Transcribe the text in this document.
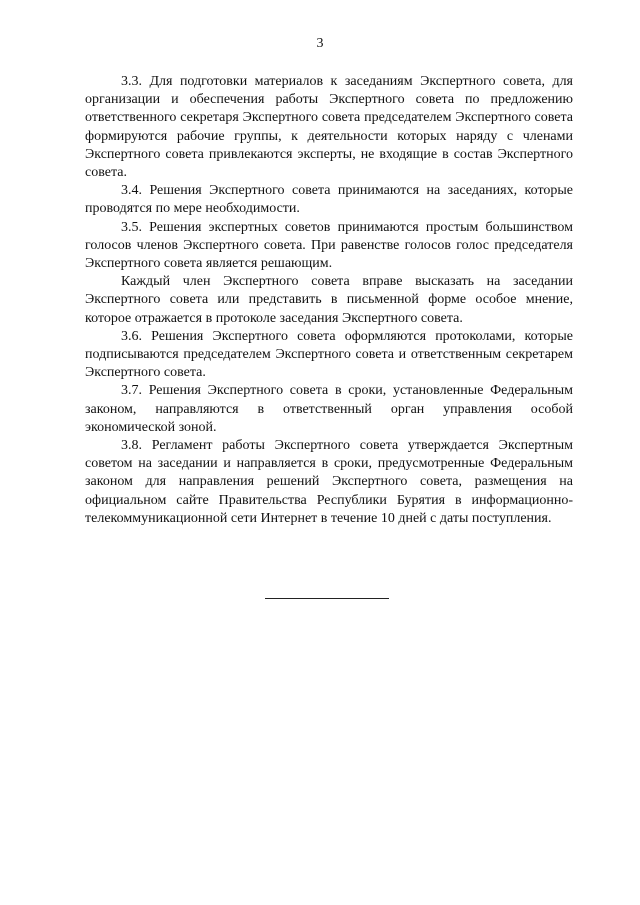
3

3.3. Для подготовки материалов к заседаниям Экспертного совета, для организации и обеспечения работы Экспертного совета по предложению ответственного секретаря Экспертного совета председателем Экспертного совета формируются рабочие группы, к деятельности которых наряду с членами Экспертного совета привлекаются эксперты, не входящие в состав Экспертного совета.

3.4. Решения Экспертного совета принимаются на заседаниях, которые проводятся по мере необходимости.

3.5. Решения экспертных советов принимаются простым большинством голосов членов Экспертного совета. При равенстве голосов голос председателя Экспертного совета является решающим.

Каждый член Экспертного совета вправе высказать на заседании Экспертного совета или представить в письменной форме особое мнение, которое отражается в протоколе заседания Экспертного совета.

3.6. Решения Экспертного совета оформляются протоколами, которые подписываются председателем Экспертного совета и ответственным секретарем Экспертного совета.

3.7. Решения Экспертного совета в сроки, установленные Федеральным законом, направляются в ответственный орган управления особой экономической зоной.

3.8. Регламент работы Экспертного совета утверждается Экспертным советом на заседании и направляется в сроки, предусмотренные Федеральным законом для направления решений Экспертного совета, размещения на официальном сайте Правительства Республики Бурятия в информационно-телекоммуникационной сети Интернет в течение 10 дней с даты поступления.
